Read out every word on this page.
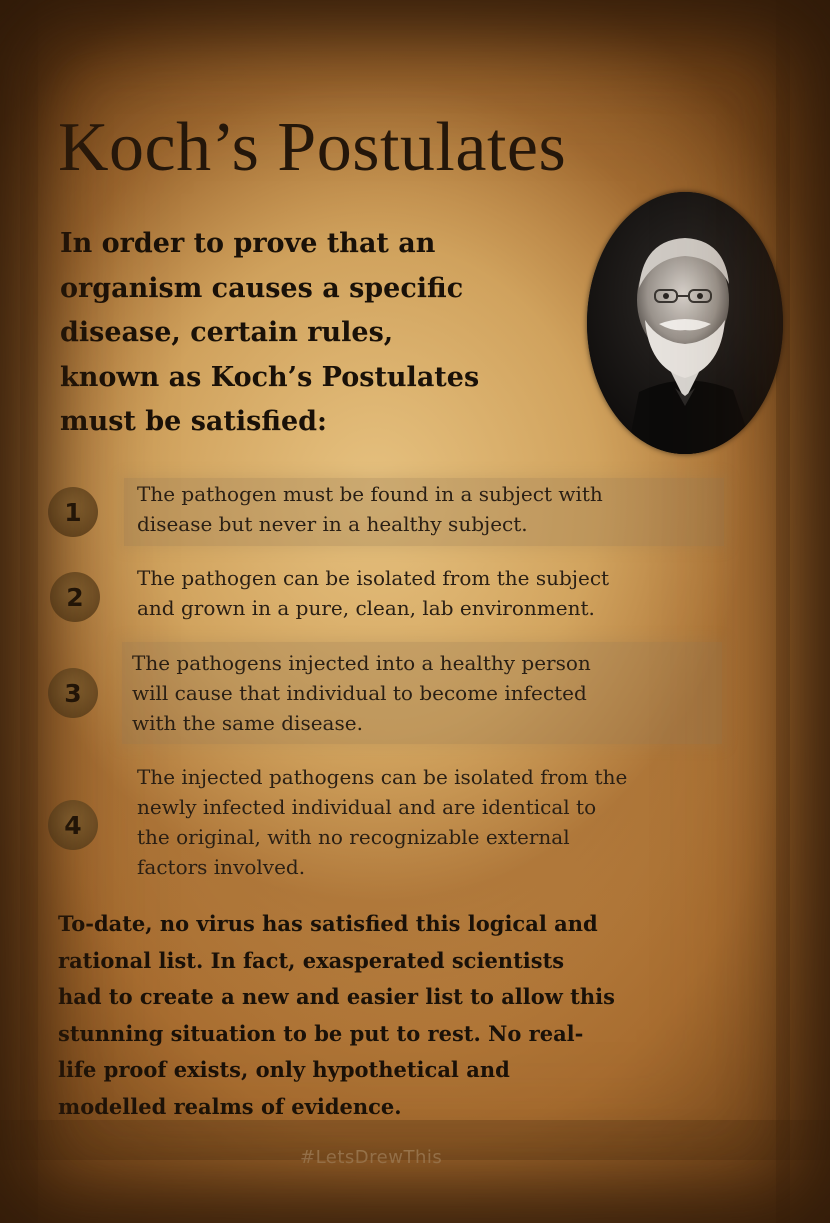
Koch’s Postulates
In order to prove that an
organism causes a specific
disease, certain rules,
known as Koch’s Postulates
must be satisfied:
1
The pathogen must be found in a subject with
disease but never in a healthy subject.
2
The pathogen can be isolated from the subject
and grown in a pure, clean, lab environment.
3
The pathogens injected into a healthy person
will cause that individual to become infected
with the same disease.
4
The injected pathogens can be isolated from the
newly infected individual and are identical to
the original, with no recognizable external
factors involved.
To-date, no virus has satisfied this logical and
rational list. In fact, exasperated scientists
had to create a new and easier list to allow this
stunning situation to be put to rest. No real-
life proof exists, only hypothetical and
modelled realms of evidence.
#LetsDrewThis
